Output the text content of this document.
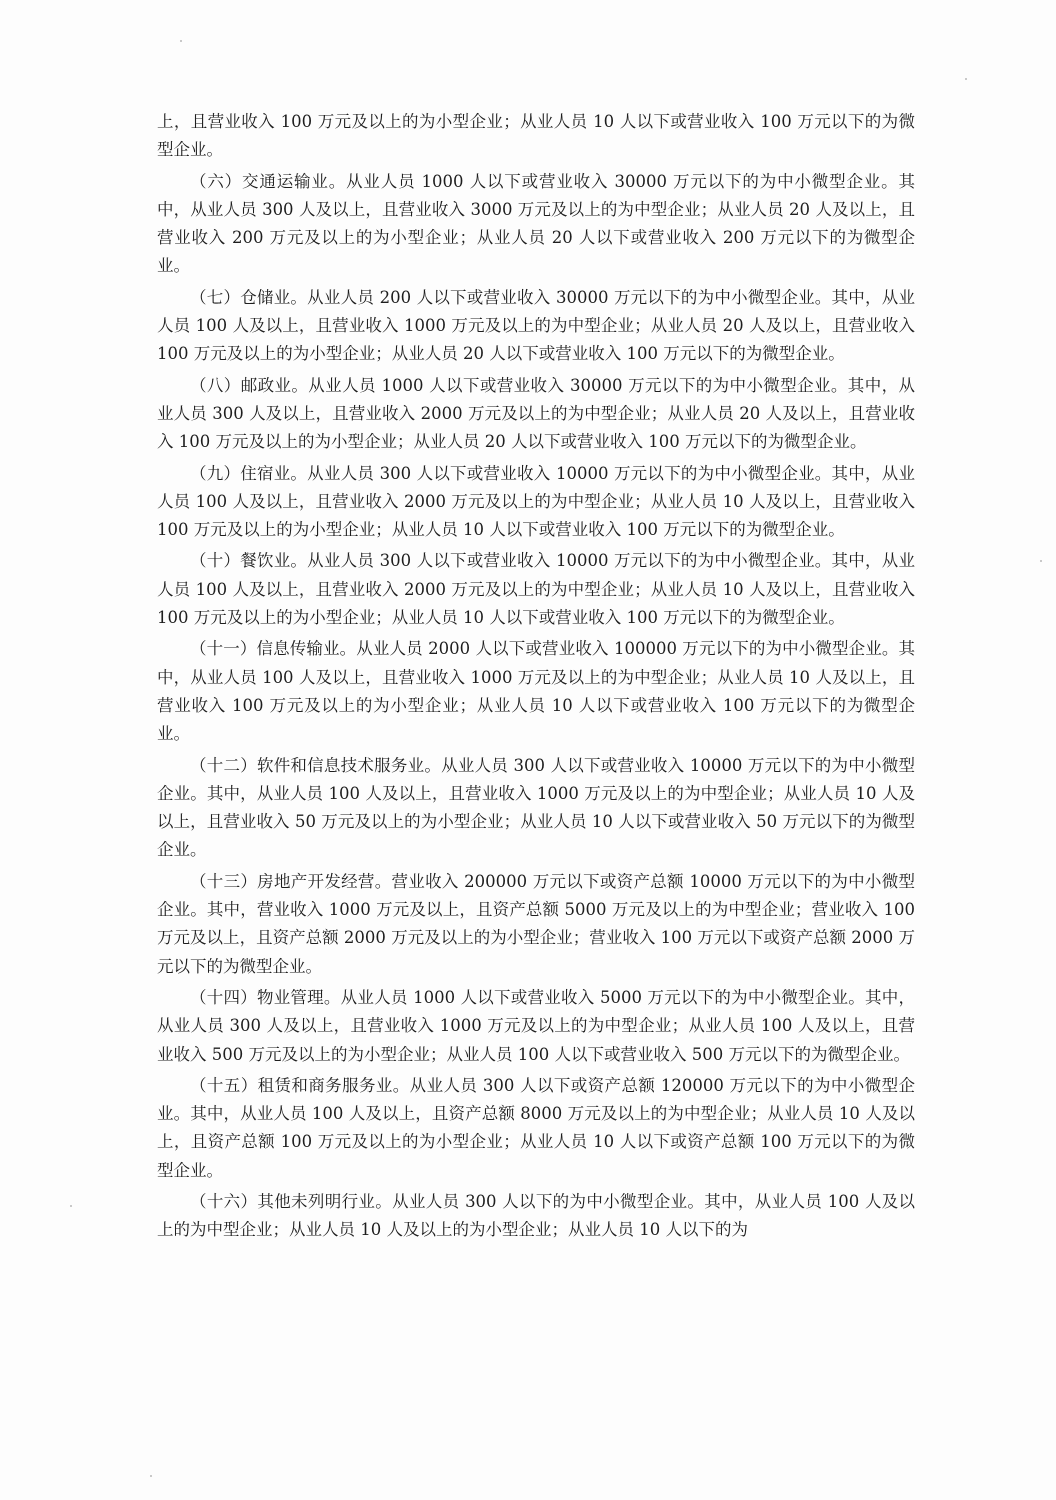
上，且营业收入 100 万元及以上的为小型企业；从业人员 10 人以下或营业收入 100 万元以下的为微型企业。

（六）交通运输业。从业人员 1000 人以下或营业收入 30000 万元以下的为中小微型企业。其中，从业人员 300 人及以上，且营业收入 3000 万元及以上的为中型企业；从业人员 20 人及以上，且营业收入 200 万元及以上的为小型企业；从业人员 20 人以下或营业收入 200 万元以下的为微型企业。

（七）仓储业。从业人员 200 人以下或营业收入 30000 万元以下的为中小微型企业。其中，从业人员 100 人及以上，且营业收入 1000 万元及以上的为中型企业；从业人员 20 人及以上，且营业收入 100 万元及以上的为小型企业；从业人员 20 人以下或营业收入 100 万元以下的为微型企业。

（八）邮政业。从业人员 1000 人以下或营业收入 30000 万元以下的为中小微型企业。其中，从业人员 300 人及以上，且营业收入 2000 万元及以上的为中型企业；从业人员 20 人及以上，且营业收入 100 万元及以上的为小型企业；从业人员 20 人以下或营业收入 100 万元以下的为微型企业。

（九）住宿业。从业人员 300 人以下或营业收入 10000 万元以下的为中小微型企业。其中，从业人员 100 人及以上，且营业收入 2000 万元及以上的为中型企业；从业人员 10 人及以上，且营业收入 100 万元及以上的为小型企业；从业人员 10 人以下或营业收入 100 万元以下的为微型企业。

（十）餐饮业。从业人员 300 人以下或营业收入 10000 万元以下的为中小微型企业。其中，从业人员 100 人及以上，且营业收入 2000 万元及以上的为中型企业；从业人员 10 人及以上，且营业收入 100 万元及以上的为小型企业；从业人员 10 人以下或营业收入 100 万元以下的为微型企业。

（十一）信息传输业。从业人员 2000 人以下或营业收入 100000 万元以下的为中小微型企业。其中，从业人员 100 人及以上，且营业收入 1000 万元及以上的为中型企业；从业人员 10 人及以上，且营业收入 100 万元及以上的为小型企业；从业人员 10 人以下或营业收入 100 万元以下的为微型企业。

（十二）软件和信息技术服务业。从业人员 300 人以下或营业收入 10000 万元以下的为中小微型企业。其中，从业人员 100 人及以上，且营业收入 1000 万元及以上的为中型企业；从业人员 10 人及以上，且营业收入 50 万元及以上的为小型企业；从业人员 10 人以下或营业收入 50 万元以下的为微型企业。

（十三）房地产开发经营。营业收入 200000 万元以下或资产总额 10000 万元以下的为中小微型企业。其中，营业收入 1000 万元及以上，且资产总额 5000 万元及以上的为中型企业；营业收入 100 万元及以上，且资产总额 2000 万元及以上的为小型企业；营业收入 100 万元以下或资产总额 2000 万元以下的为微型企业。

（十四）物业管理。从业人员 1000 人以下或营业收入 5000 万元以下的为中小微型企业。其中，从业人员 300 人及以上，且营业收入 1000 万元及以上的为中型企业；从业人员 100 人及以上，且营业收入 500 万元及以上的为小型企业；从业人员 100 人以下或营业收入 500 万元以下的为微型企业。

（十五）租赁和商务服务业。从业人员 300 人以下或资产总额 120000 万元以下的为中小微型企业。其中，从业人员 100 人及以上，且资产总额 8000 万元及以上的为中型企业；从业人员 10 人及以上，且资产总额 100 万元及以上的为小型企业；从业人员 10 人以下或资产总额 100 万元以下的为微型企业。

（十六）其他未列明行业。从业人员 300 人以下的为中小微型企业。其中，从业人员 100 人及以上的为中型企业；从业人员 10 人及以上的为小型企业；从业人员 10 人以下的为
